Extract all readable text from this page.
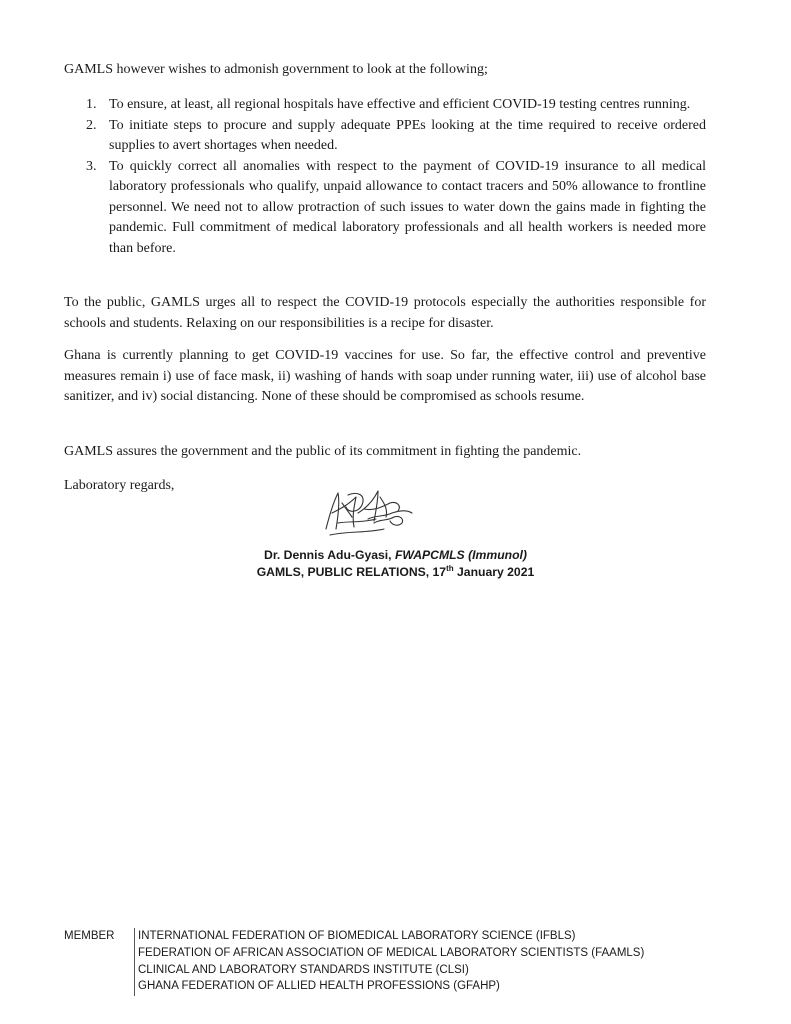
GAMLS however wishes to admonish government to look at the following;

1. To ensure, at least, all regional hospitals have effective and efficient COVID-19 testing centres running.
2. To initiate steps to procure and supply adequate PPEs looking at the time required to receive ordered supplies to avert shortages when needed.
3. To quickly correct all anomalies with respect to the payment of COVID-19 insurance to all medical laboratory professionals who qualify, unpaid allowance to contact tracers and 50% allowance to frontline personnel. We need not to allow protraction of such issues to water down the gains made in fighting the pandemic. Full commitment of medical laboratory professionals and all health workers is needed more than before.

To the public, GAMLS urges all to respect the COVID-19 protocols especially the authorities responsible for schools and students. Relaxing on our responsibilities is a recipe for disaster.

Ghana is currently planning to get COVID-19 vaccines for use. So far, the effective control and preventive measures remain i) use of face mask, ii) washing of hands with soap under running water, iii) use of alcohol base sanitizer, and iv) social distancing. None of these should be compromised as schools resume.

GAMLS assures the government and the public of its commitment in fighting the pandemic.

Laboratory regards,

Dr. Dennis Adu-Gyasi, FWAPCMLS (Immunol)
GAMLS, PUBLIC RELATIONS, 17th January 2021
MEMBER	INTERNATIONAL FEDERATION OF BIOMEDICAL LABORATORY SCIENCE (IFBLS)
FEDERATION OF AFRICAN ASSOCIATION OF MEDICAL LABORATORY SCIENTISTS (FAAMLS)
CLINICAL AND LABORATORY STANDARDS INSTITUTE (CLSI)
GHANA FEDERATION OF ALLIED HEALTH PROFESSIONS (GFAHP)
